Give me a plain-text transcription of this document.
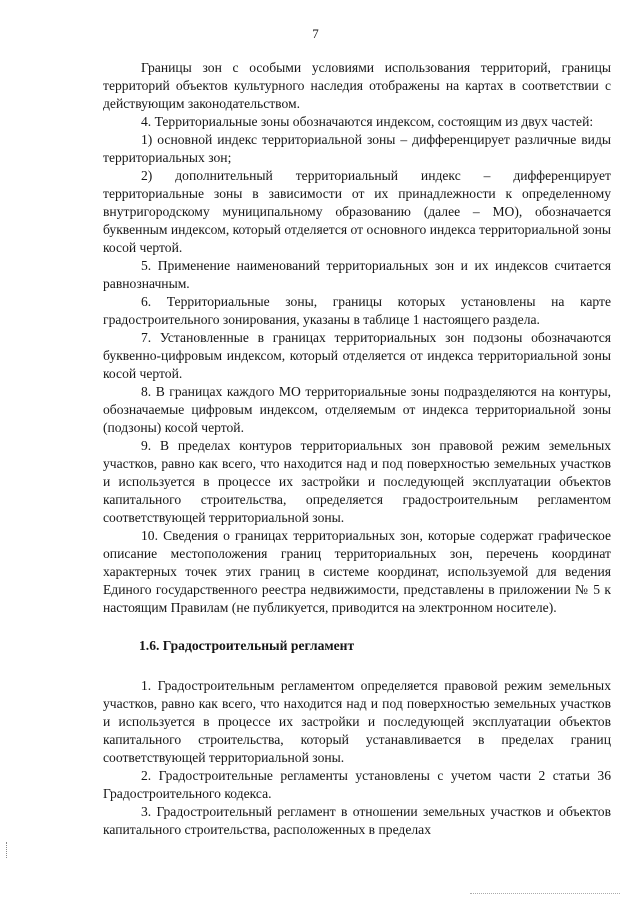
7

Границы зон с особыми условиями использования территорий, границы территорий объектов культурного наследия отображены на картах в соответствии с действующим законодательством.

4. Территориальные зоны обозначаются индексом, состоящим из двух частей:

1) основной индекс территориальной зоны – дифференцирует различные виды территориальных зон;

2) дополнительный территориальный индекс – дифференцирует территориальные зоны в зависимости от их принадлежности к определенному внутригородскому муниципальному образованию (далее – МО), обозначается буквенным индексом, который отделяется от основного индекса территориальной зоны косой чертой.

5. Применение наименований территориальных зон и их индексов считается равнозначным.

6. Территориальные зоны, границы которых установлены на карте градостроительного зонирования, указаны в таблице 1 настоящего раздела.

7. Установленные в границах территориальных зон подзоны обозначаются буквенно-цифровым индексом, который отделяется от индекса территориальной зоны косой чертой.

8. В границах каждого МО территориальные зоны подразделяются на контуры, обозначаемые цифровым индексом, отделяемым от индекса территориальной зоны (подзоны) косой чертой.

9. В пределах контуров территориальных зон правовой режим земельных участков, равно как всего, что находится над и под поверхностью земельных участков и используется в процессе их застройки и последующей эксплуатации объектов капитального строительства, определяется градостроительным регламентом соответствующей территориальной зоны.

10. Сведения о границах территориальных зон, которые содержат графическое описание местоположения границ территориальных зон, перечень координат характерных точек этих границ в системе координат, используемой для ведения Единого государственного реестра недвижимости, представлены в приложении № 5 к настоящим Правилам (не публикуется, приводится на электронном носителе).

1.6. Градостроительный регламент

1. Градостроительным регламентом определяется правовой режим земельных участков, равно как всего, что находится над и под поверхностью земельных участков и используется в процессе их застройки и последующей эксплуатации объектов капитального строительства, который устанавливается в пределах границ соответствующей территориальной зоны.

2. Градостроительные регламенты установлены с учетом части 2 статьи 36 Градостроительного кодекса.

3. Градостроительный регламент в отношении земельных участков и объектов капитального строительства, расположенных в пределах
